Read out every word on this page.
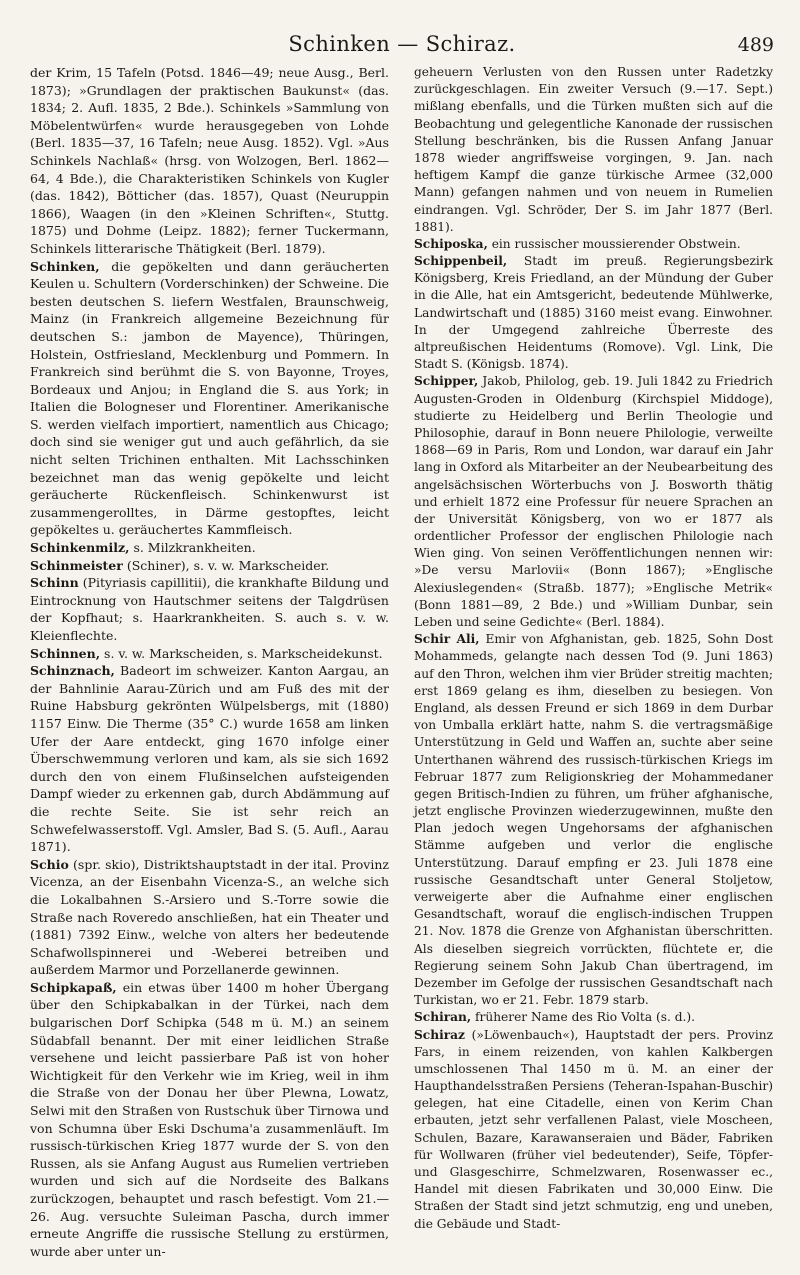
Schinken — Schiraz.	489

der Krim, 15 Tafeln (Potsd. 1846—49; neue Ausg., Berl. 1873); »Grundlagen der praktischen Baukunst« (das. 1834; 2. Aufl. 1835, 2 Bde.). Schinkels »Sammlung von Möbelentwürfen« wurde herausgegeben von Lohde (Berl. 1835—37, 16 Tafeln; neue Ausg. 1852). Vgl. »Aus Schinkels Nachlaß« (hrsg. von Wolzogen, Berl. 1862—64, 4 Bde.), die Charakteristiken Schinkels von Kugler (das. 1842), Bötticher (das. 1857), Quast (Neuruppin 1866), Waagen (in den »Kleinen Schriften«, Stuttg. 1875) und Dohme (Leipz. 1882); ferner Tuckermann, Schinkels litterarische Thätigkeit (Berl. 1879).

Schinken, die gepökelten und dann geräucherten Keulen u. Schultern (Vorderschinken) der Schweine. Die besten deutschen S. liefern Westfalen, Braunschweig, Mainz (in Frankreich allgemeine Bezeichnung für deutschen S.: jambon de Mayence), Thüringen, Holstein, Ostfriesland, Mecklenburg und Pommern. In Frankreich sind berühmt die S. von Bayonne, Troyes, Bordeaux und Anjou; in England die S. aus York; in Italien die Bologneser und Florentiner. Amerikanische S. werden vielfach importiert, namentlich aus Chicago; doch sind sie weniger gut und auch gefährlich, da sie nicht selten Trichinen enthalten. Mit Lachsschinken bezeichnet man das wenig gepökelte und leicht geräucherte Rückenfleisch. Schinkenwurst ist zusammengerolltes, in Därme gestopftes, leicht gepökeltes u. geräuchertes Kammfleisch.

Schinkenmilz, s. Milzkrankheiten.

Schinmeister (Schiner), s. v. w. Markscheider.

Schinn (Pityriasis capillitii), die krankhafte Bildung und Eintrocknung von Hautschmer seitens der Talgdrüsen der Kopfhaut; s. Haarkrankheiten. S. auch s. v. w. Kleienflechte.

Schinnen, s. v. w. Markscheiden, s. Markscheidekunst.

Schinznach, Badeort im schweizer. Kanton Aargau, an der Bahnlinie Aarau-Zürich und am Fuß des mit der Ruine Habsburg gekrönten Wülpelsbergs, mit (1880) 1157 Einw. Die Therme (35° C.) wurde 1658 am linken Ufer der Aare entdeckt, ging 1670 infolge einer Überschwemmung verloren und kam, als sie sich 1692 durch den von einem Flußinselchen aufsteigenden Dampf wieder zu erkennen gab, durch Abdämmung auf die rechte Seite. Sie ist sehr reich an Schwefelwasserstoff. Vgl. Amsler, Bad S. (5. Aufl., Aarau 1871).

Schio (spr. skio), Distriktshauptstadt in der ital. Provinz Vicenza, an der Eisenbahn Vicenza-S., an welche sich die Lokalbahnen S.-Arsiero und S.-Torre sowie die Straße nach Roveredo anschließen, hat ein Theater und (1881) 7392 Einw., welche von alters her bedeutende Schafwollspinnerei und -Weberei betreiben und außerdem Marmor und Porzellanerde gewinnen.

Schipkapaß, ein etwas über 1400 m hoher Übergang über den Schipkabalkan in der Türkei, nach dem bulgarischen Dorf Schipka (548 m ü. M.) an seinem Südabfall benannt. Der mit einer leidlichen Straße versehene und leicht passierbare Paß ist von hoher Wichtigkeit für den Verkehr wie im Krieg, weil in ihm die Straße von der Donau her über Plewna, Lowatz, Selwi mit den Straßen von Rustschuk über Tirnowa und von Schumna über Eski Dschuma'a zusammenläuft. Im russisch-türkischen Krieg 1877 wurde der S. von den Russen, als sie Anfang August aus Rumelien vertrieben wurden und sich auf die Nordseite des Balkans zurückzogen, behauptet und rasch befestigt. Vom 21.—26. Aug. versuchte Suleiman Pascha, durch immer erneute Angriffe die russische Stellung zu erstürmen, wurde aber unter un-

geheuern Verlusten von den Russen unter Radetzky zurückgeschlagen. Ein zweiter Versuch (9.—17. Sept.) mißlang ebenfalls, und die Türken mußten sich auf die Beobachtung und gelegentliche Kanonade der russischen Stellung beschränken, bis die Russen Anfang Januar 1878 wieder angriffsweise vorgingen, 9. Jan. nach heftigem Kampf die ganze türkische Armee (32,000 Mann) gefangen nahmen und von neuem in Rumelien eindrangen. Vgl. Schröder, Der S. im Jahr 1877 (Berl. 1881).

Schiposka, ein russischer moussierender Obstwein.

Schippenbeil, Stadt im preuß. Regierungsbezirk Königsberg, Kreis Friedland, an der Mündung der Guber in die Alle, hat ein Amtsgericht, bedeutende Mühlwerke, Landwirtschaft und (1885) 3160 meist evang. Einwohner. In der Umgegend zahlreiche Überreste des altpreußischen Heidentums (Romove). Vgl. Link, Die Stadt S. (Königsb. 1874).

Schipper, Jakob, Philolog, geb. 19. Juli 1842 zu Friedrich Augusten-Groden in Oldenburg (Kirchspiel Middoge), studierte zu Heidelberg und Berlin Theologie und Philosophie, darauf in Bonn neuere Philologie, verweilte 1868—69 in Paris, Rom und London, war darauf ein Jahr lang in Oxford als Mitarbeiter an der Neubearbeitung des angelsächsischen Wörterbuchs von J. Bosworth thätig und erhielt 1872 eine Professur für neuere Sprachen an der Universität Königsberg, von wo er 1877 als ordentlicher Professor der englischen Philologie nach Wien ging. Von seinen Veröffentlichungen nennen wir: »De versu Marlovii« (Bonn 1867); »Englische Alexiuslegenden« (Straßb. 1877); »Englische Metrik« (Bonn 1881—89, 2 Bde.) und »William Dunbar, sein Leben und seine Gedichte« (Berl. 1884).

Schir Ali, Emir von Afghanistan, geb. 1825, Sohn Dost Mohammeds, gelangte nach dessen Tod (9. Juni 1863) auf den Thron, welchen ihm vier Brüder streitig machten; erst 1869 gelang es ihm, dieselben zu besiegen. Von England, als dessen Freund er sich 1869 in dem Durbar von Umballa erklärt hatte, nahm S. die vertragsmäßige Unterstützung in Geld und Waffen an, suchte aber seine Unterthanen während des russisch-türkischen Kriegs im Februar 1877 zum Religionskrieg der Mohammedaner gegen Britisch-Indien zu führen, um früher afghanische, jetzt englische Provinzen wiederzugewinnen, mußte den Plan jedoch wegen Ungehorsams der afghanischen Stämme aufgeben und verlor die englische Unterstützung. Darauf empfing er 23. Juli 1878 eine russische Gesandtschaft unter General Stoljetow, verweigerte aber die Aufnahme einer englischen Gesandtschaft, worauf die englisch-indischen Truppen 21. Nov. 1878 die Grenze von Afghanistan überschritten. Als dieselben siegreich vorrückten, flüchtete er, die Regierung seinem Sohn Jakub Chan übertragend, im Dezember im Gefolge der russischen Gesandtschaft nach Turkistan, wo er 21. Febr. 1879 starb.

Schiran, früherer Name des Rio Volta (s. d.).

Schiraz (»Löwenbauch«), Hauptstadt der pers. Provinz Fars, in einem reizenden, von kahlen Kalkbergen umschlossenen Thal 1450 m ü. M. an einer der Haupthandelsstraßen Persiens (Teheran-Ispahan-Buschir) gelegen, hat eine Citadelle, einen von Kerim Chan erbauten, jetzt sehr verfallenen Palast, viele Moscheen, Schulen, Bazare, Karawanseraien und Bäder, Fabriken für Wollwaren (früher viel bedeutender), Seife, Töpfer- und Glasgeschirre, Schmelzwaren, Rosenwasser ec., Handel mit diesen Fabrikaten und 30,000 Einw. Die Straßen der Stadt sind jetzt schmutzig, eng und uneben, die Gebäude und Stadt-
